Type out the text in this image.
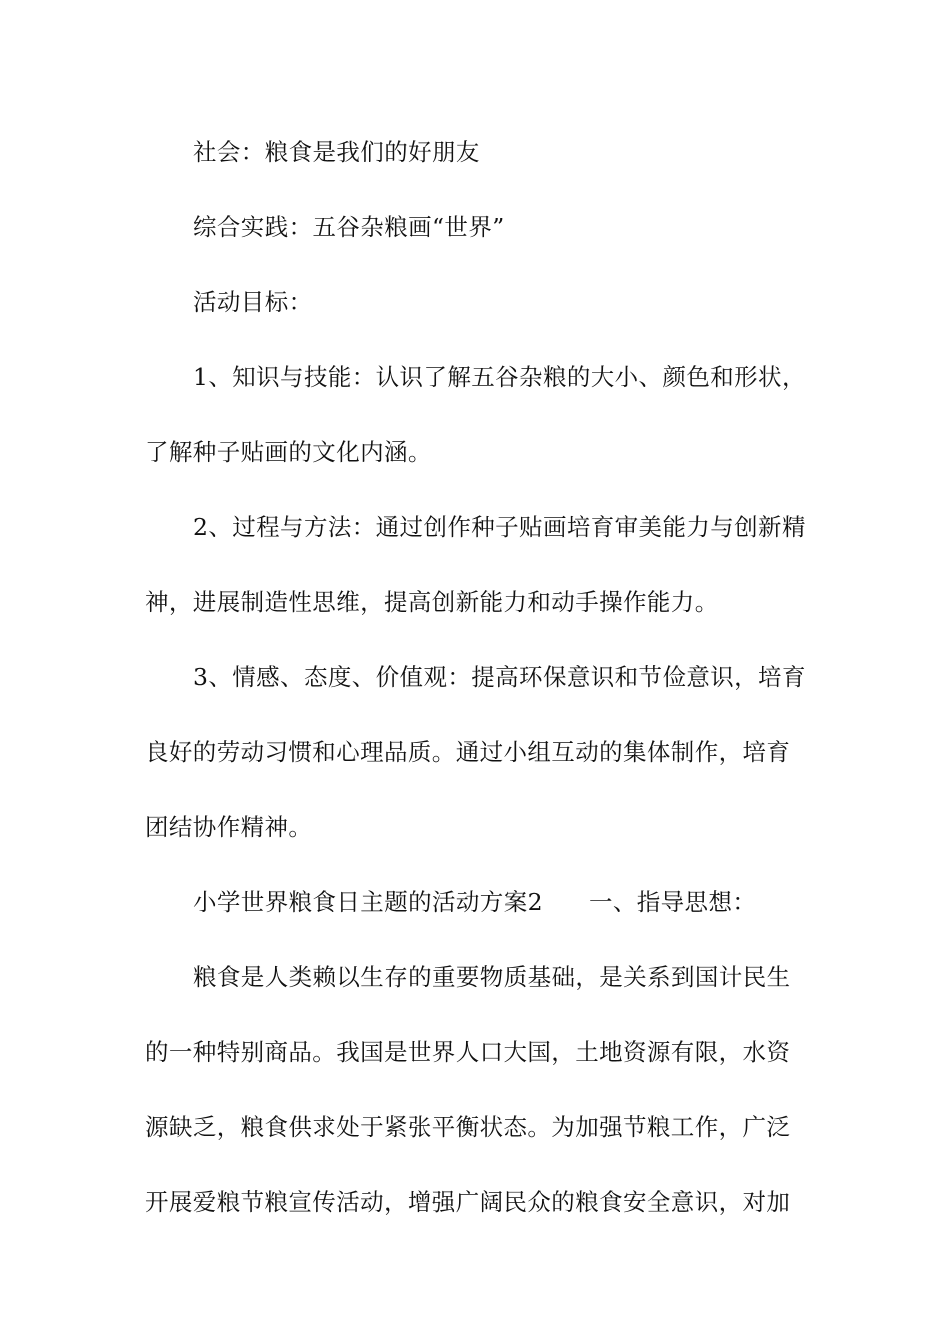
社会：粮食是我们的好朋友
综合实践：五谷杂粮画“世界”
活动目标：
1、知识与技能：认识了解五谷杂粮的大小、颜色和形状，
了解种子贴画的文化内涵。
2、过程与方法：通过创作种子贴画培育审美能力与创新精
神，进展制造性思维，提高创新能力和动手操作能力。
3、情感、态度、价值观：提高环保意识和节俭意识，培育
良好的劳动习惯和心理品质。通过小组互动的集体制作，培育
团结协作精神。
小学世界粮食日主题的活动方案2 一、指导思想：
粮食是人类赖以生存的重要物质基础，是关系到国计民生
的一种特别商品。我国是世界人口大国，土地资源有限，水资
源缺乏，粮食供求处于紧张平衡状态。为加强节粮工作，广泛
开展爱粮节粮宣传活动，增强广阔民众的粮食安全意识，对加
